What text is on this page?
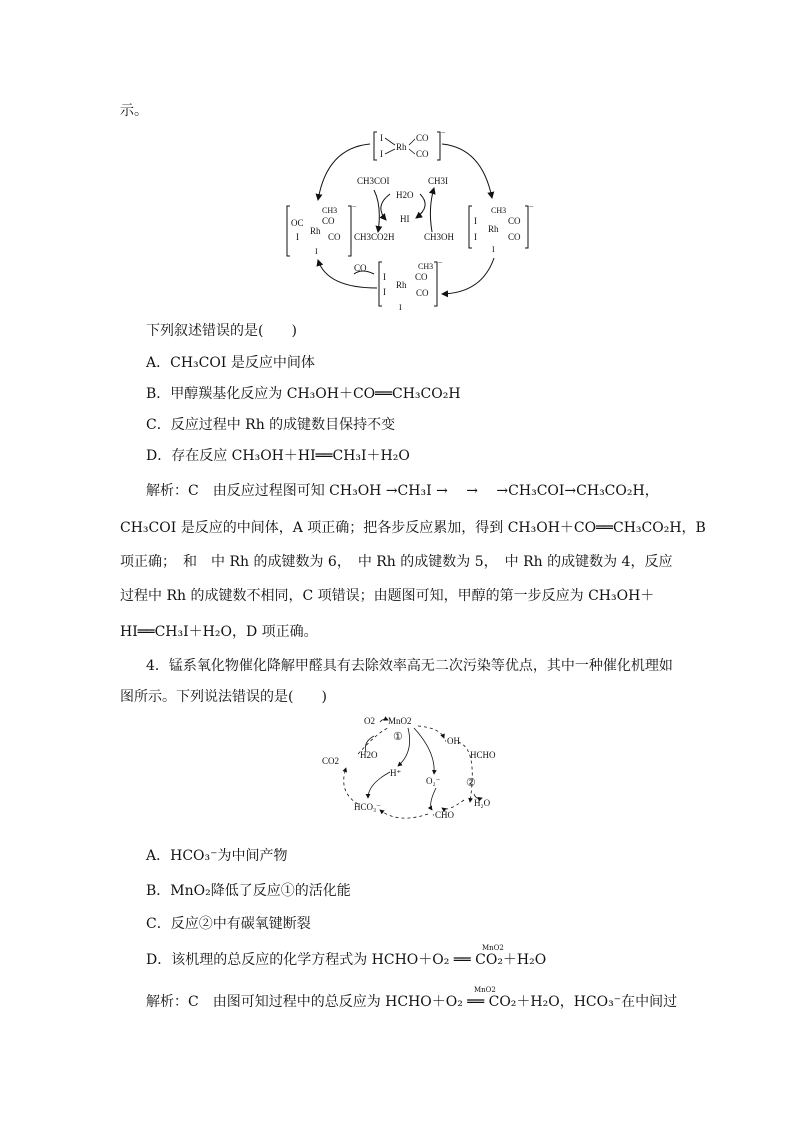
示。
I
I
Rh
CO
CO
−
CH3
I
I
Rh
CO
CO
I
−
I
CH3
CO
I
Rh
CO
I
−
OC
CH3
CO
I
Rh
CO
I
−
CH3COI
H2O
CH3I
HI
CH3CO2H	CH3OH
CO
下列叙述错误的是(　　)
A．CH₃COI 是反应中间体
B．甲醇羰基化反应为 CH₃OH＋CO══CH₃CO₂H
C．反应过程中 Rh 的成键数目保持不变
D．存在反应 CH₃OH＋HI══CH₃I＋H₂O
解析：C　由反应过程图可知 CH₃OH →CH₃I →　 →　 →CH₃COI→CH₃CO₂H，
CH₃COI 是反应的中间体，A 项正确；把各步反应累加，得到 CH₃OH＋CO══CH₃CO₂H，B
项正确；　和　中 Rh 的成键数为 6，　中 Rh 的成键数为 5，　中 Rh 的成键数为 4，反应
过程中 Rh 的成键数不相同，C 项错误；由题图可知，甲醇的第一步反应为 CH₃OH＋
HI══CH₃I＋H₂O，D 项正确。
4．锰系氧化物催化降解甲醛具有去除效率高无二次污染等优点，其中一种催化机理如
图所示。下列说法错误的是(　　)
O2 MnO2
①	·OH
HCHO
H2O
CO2
H⁺
O₂⁻ ②
H₂O
HCO₃⁻
·CHO
A．HCO₃⁻为中间产物
B．MnO₂降低了反应①的活化能
C．反应②中有碳氧键断裂
D．该机理的总反应的化学方程式为 HCHO＋O₂ ══ CO₂＋H₂O
MnO2
解析：C　由图可知过程中的总反应为 HCHO＋O₂ ══ CO₂＋H₂O，HCO₃⁻在中间过
MnO2
